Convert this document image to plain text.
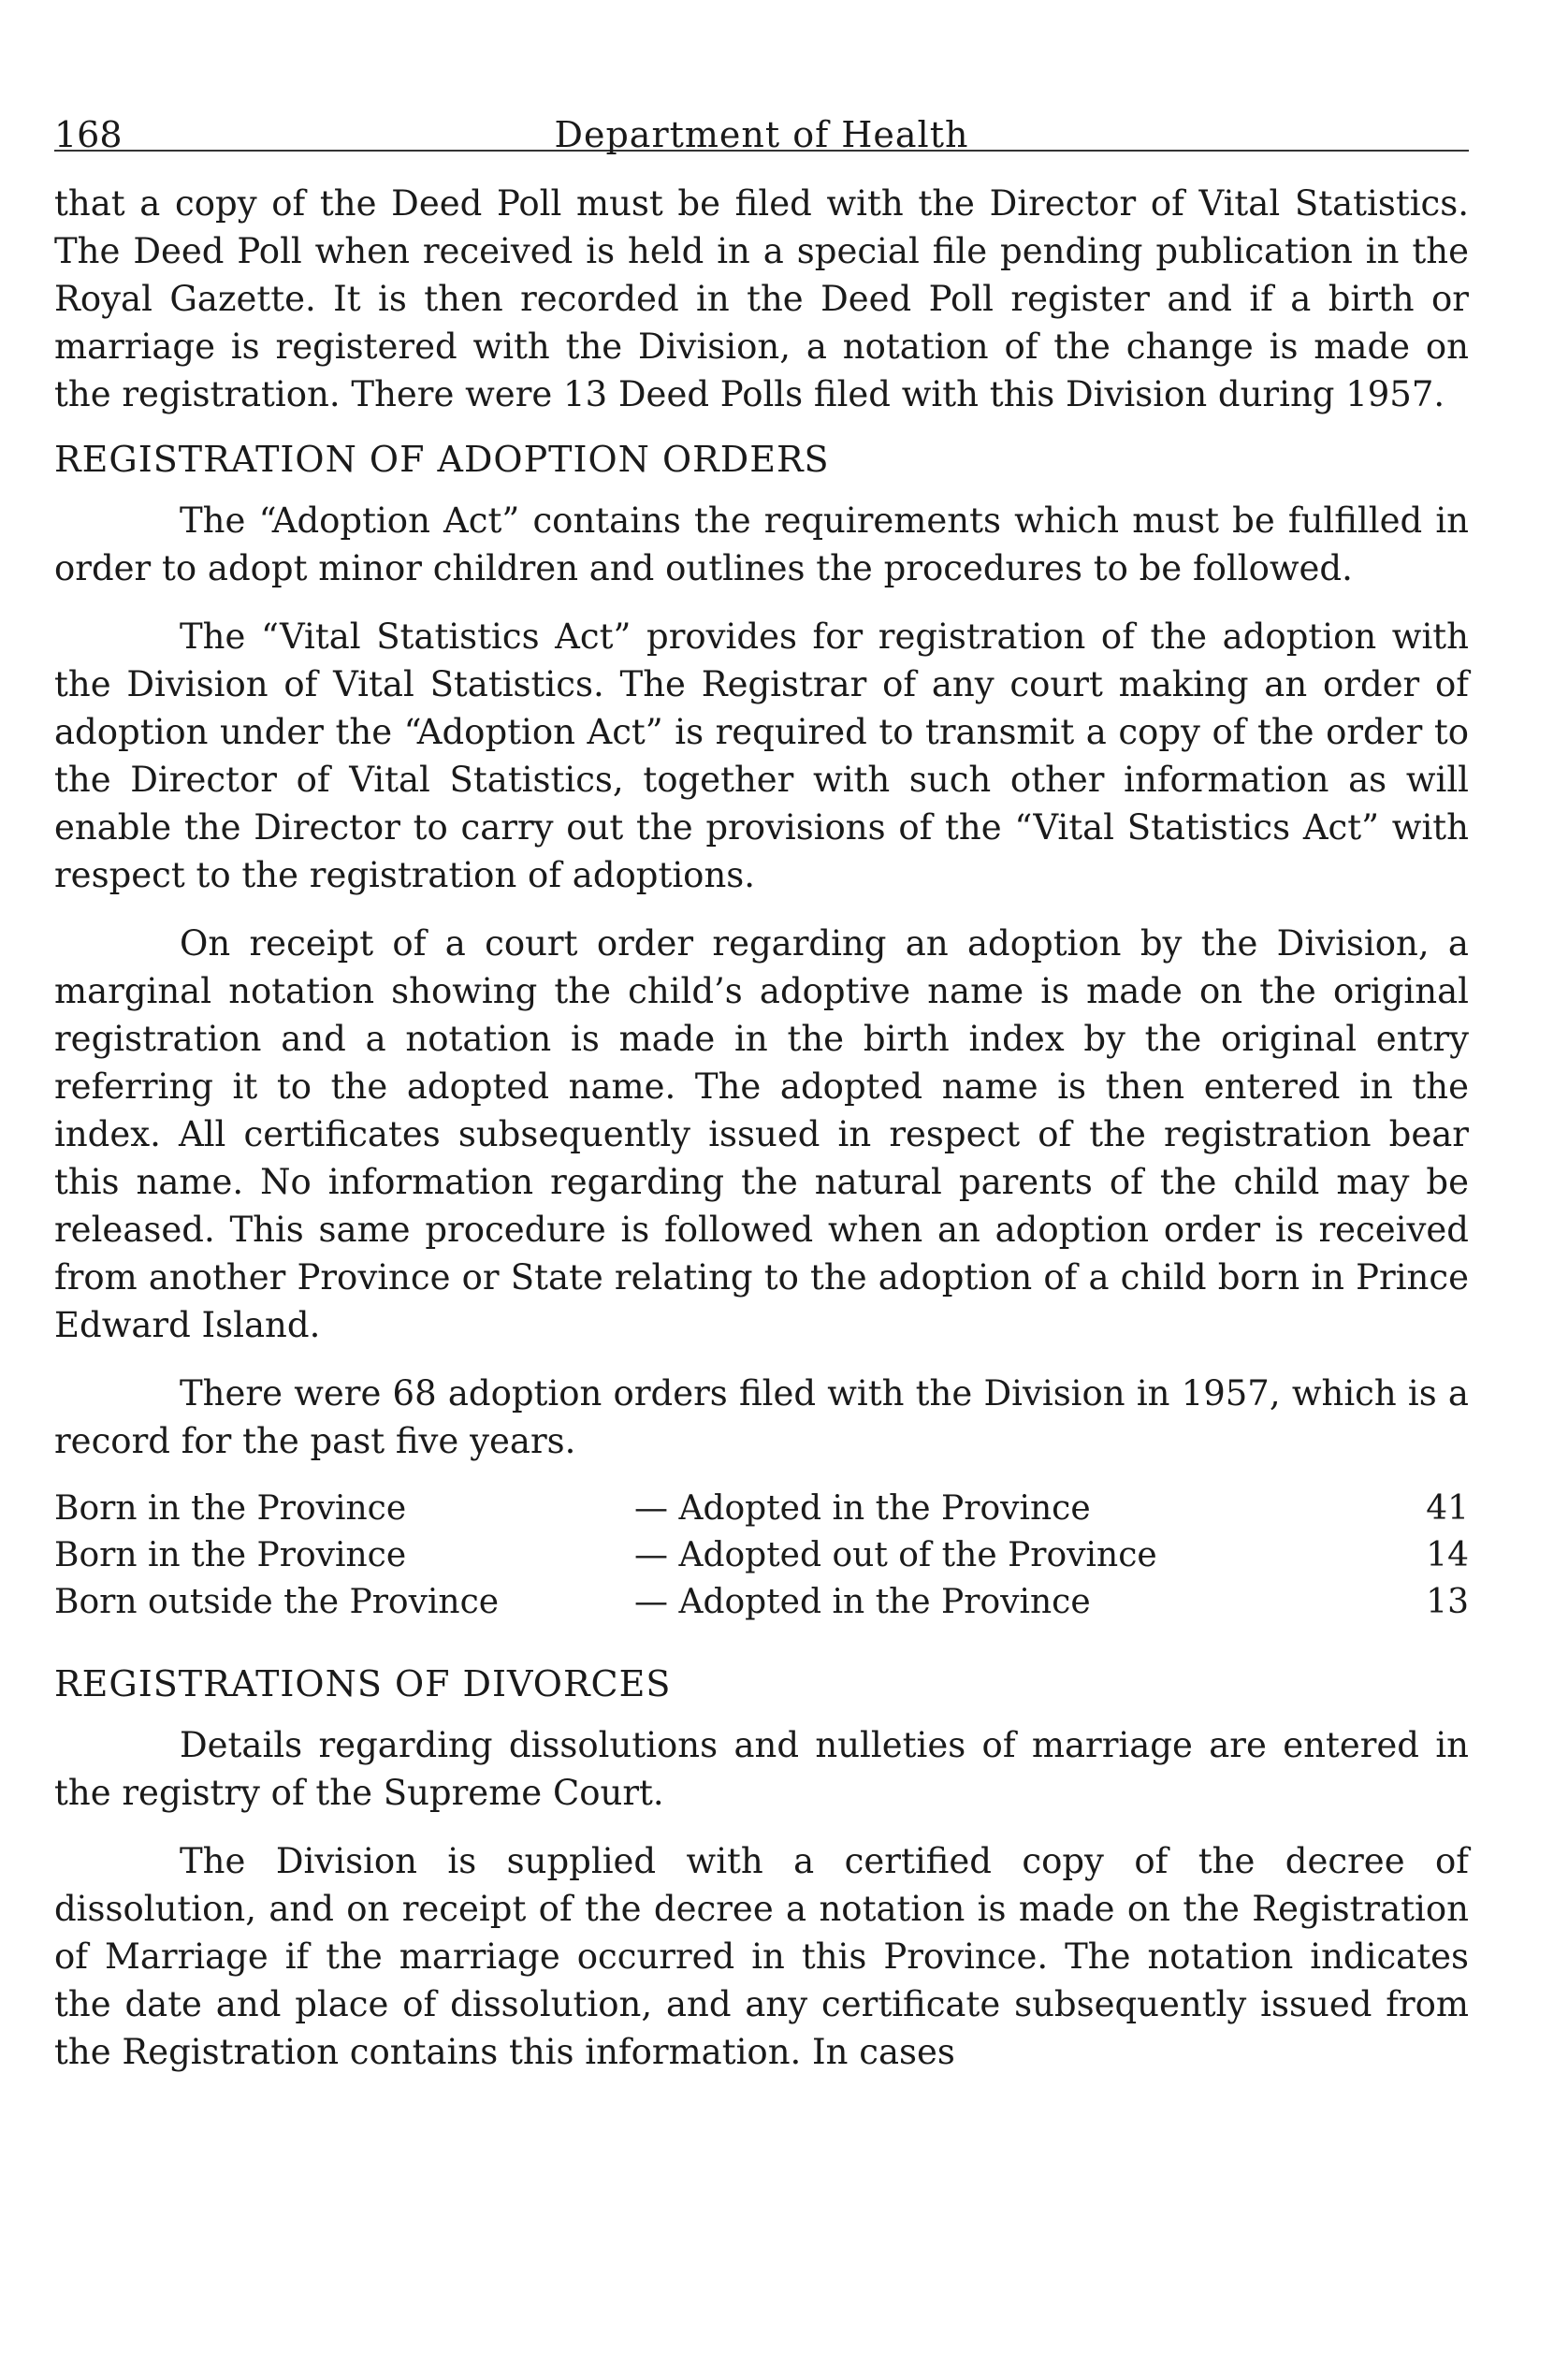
168	Department of Health

that a copy of the Deed Poll must be filed with the Director of Vital Statistics. The Deed Poll when received is held in a special file pending publication in the Royal Gazette. It is then recorded in the Deed Poll register and if a birth or marriage is registered with the Division, a notation of the change is made on the registration. There were 13 Deed Polls filed with this Division during 1957.

REGISTRATION OF ADOPTION ORDERS

The “Adoption Act” contains the requirements which must be fulfilled in order to adopt minor children and outlines the procedures to be followed.

The “Vital Statistics Act” provides for registration of the adoption with the Division of Vital Statistics. The Registrar of any court making an order of adoption under the “Adoption Act” is required to transmit a copy of the order to the Director of Vital Statistics, together with such other information as will enable the Director to carry out the provisions of the “Vital Statistics Act” with respect to the registration of adoptions.

On receipt of a court order regarding an adoption by the Division, a marginal notation showing the child’s adoptive name is made on the original registration and a notation is made in the birth index by the original entry referring it to the adopted name. The adopted name is then entered in the index. All certificates subsequently issued in respect of the registration bear this name. No information regarding the natural parents of the child may be released. This same procedure is followed when an adoption order is received from another Province or State relating to the adoption of a child born in Prince Edward Island.

There were 68 adoption orders filed with the Division in 1957, which is a record for the past five years.

Born in the Province	— Adopted in the Province	41
Born in the Province	— Adopted out of the Province	14
Born outside the Province	— Adopted in the Province	13
REGISTRATIONS OF DIVORCES

Details regarding dissolutions and nulleties of marriage are entered in the registry of the Supreme Court.

The Division is supplied with a certified copy of the decree of dissolution, and on receipt of the decree a notation is made on the Registration of Marriage if the marriage occurred in this Province. The notation indicates the date and place of dissolution, and any certificate subsequently issued from the Registration contains this information. In cases
